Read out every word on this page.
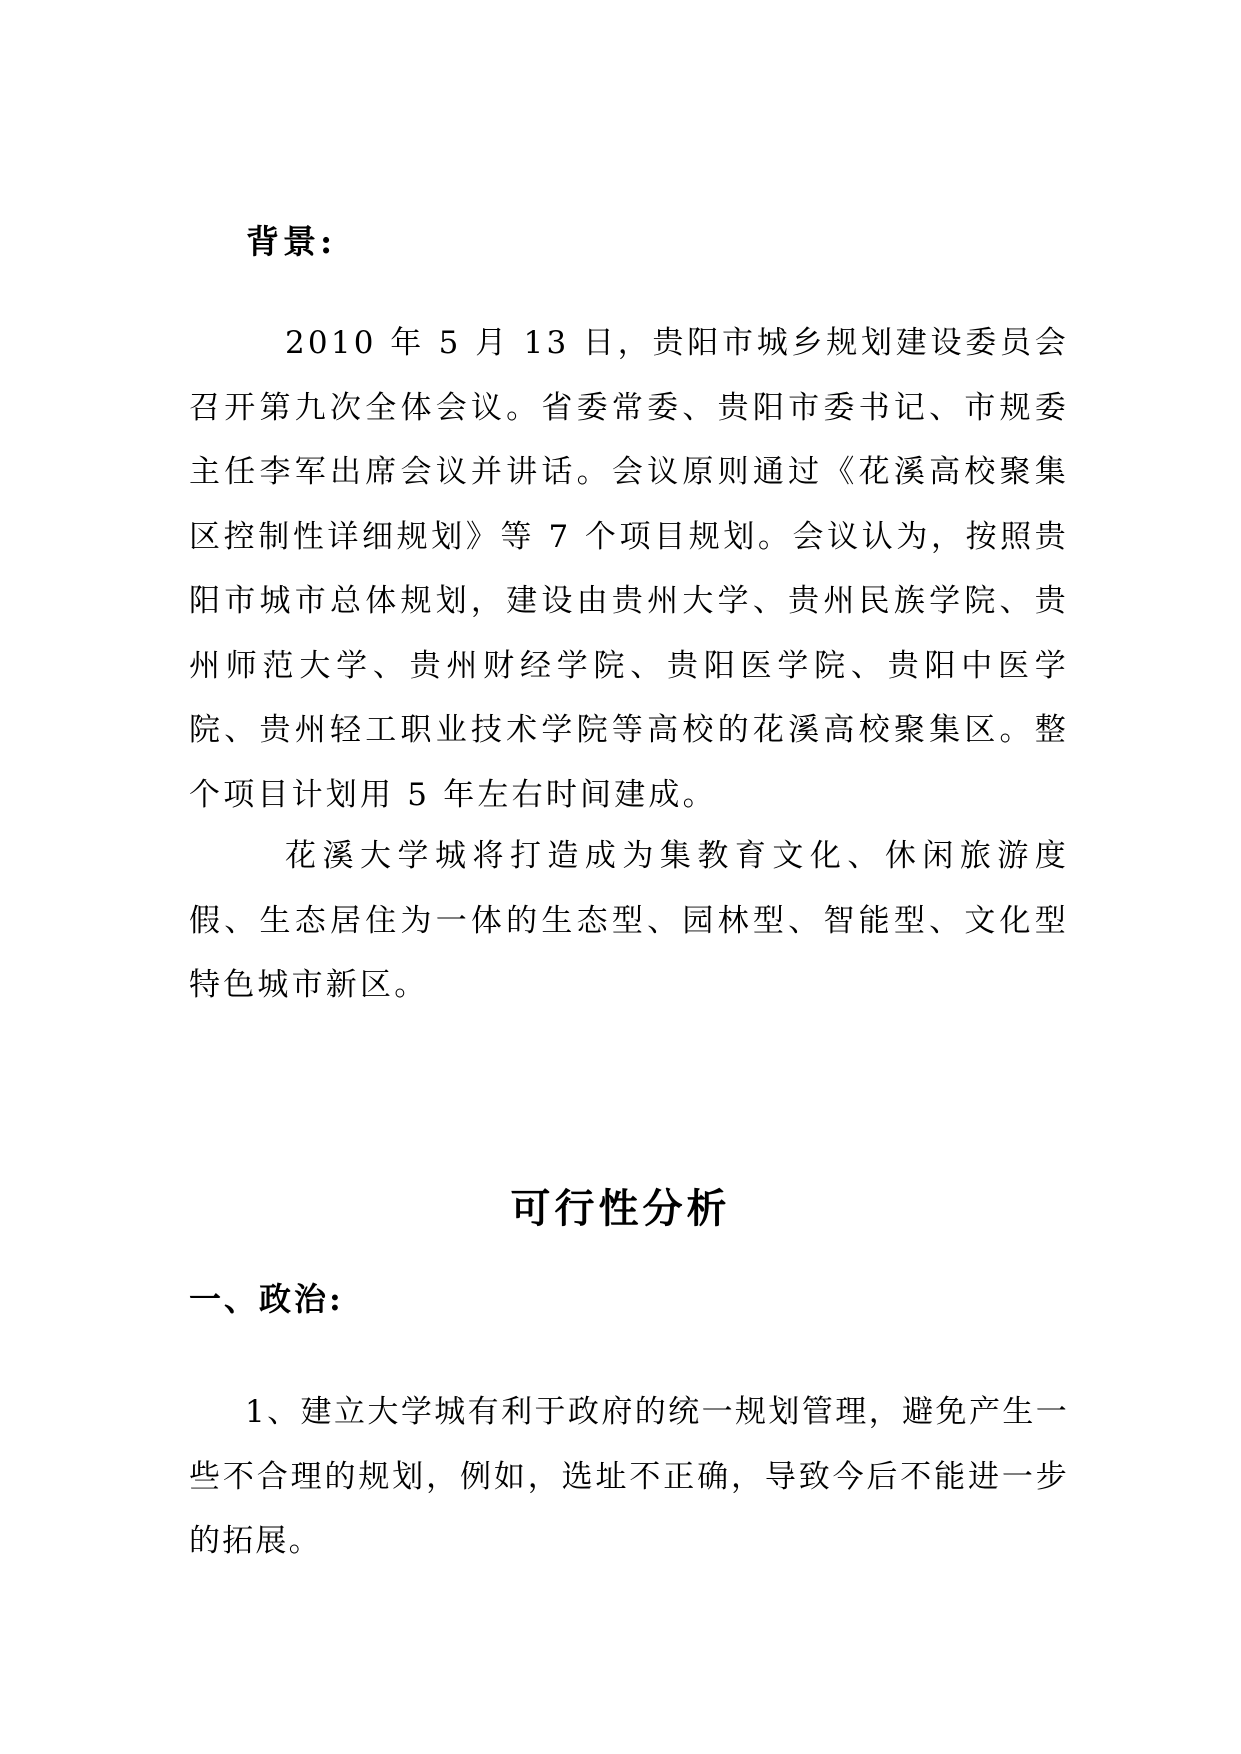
背景:

2010 年 5 月 13 日，贵阳市城乡规划建设委员会召开第九次全体会议。省委常委、贵阳市委书记、市规委主任李军出席会议并讲话。会议原则通过《花溪高校聚集区控制性详细规划》等 7 个项目规划。会议认为，按照贵阳市城市总体规划，建设由贵州大学、贵州民族学院、贵州师范大学、贵州财经学院、贵阳医学院、贵阳中医学院、贵州轻工职业技术学院等高校的花溪高校聚集区。整个项目计划用 5 年左右时间建成。

花溪大学城将打造成为集教育文化、休闲旅游度假、生态居住为一体的生态型、园林型、智能型、文化型特色城市新区。

可行性分析
一、政治:

1、建立大学城有利于政府的统一规划管理，避免产生一些不合理的规划，例如，选址不正确，导致今后不能进一步的拓展。
